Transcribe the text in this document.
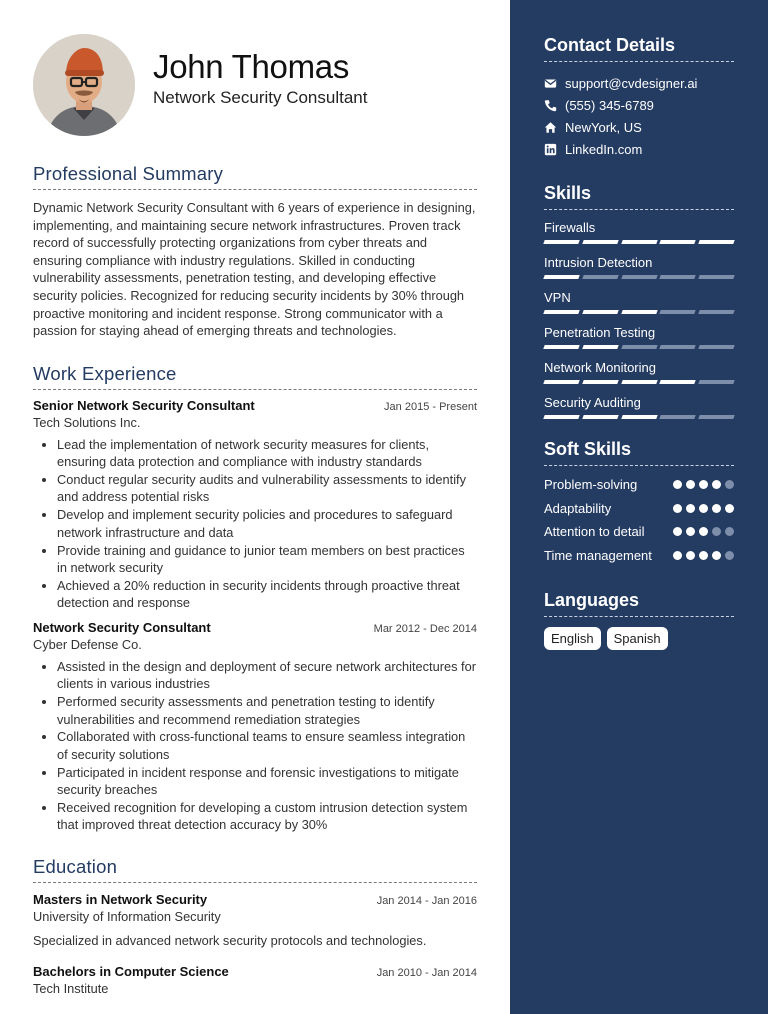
John Thomas
Network Security Consultant
Professional Summary

Dynamic Network Security Consultant with 6 years of experience in designing, implementing, and maintaining secure network infrastructures. Proven track record of successfully protecting organizations from cyber threats and ensuring compliance with industry regulations. Skilled in conducting vulnerability assessments, penetration testing, and developing effective security policies. Recognized for reducing security incidents by 30% through proactive monitoring and incident response. Strong communicator with a passion for staying ahead of emerging threats and technologies.

Work Experience
Senior Network Security Consultant	Jan 2015 - Present
Tech Solutions Inc.
• Lead the implementation of network security measures for clients, ensuring data protection and compliance with industry standards
• Conduct regular security audits and vulnerability assessments to identify and address potential risks
• Develop and implement security policies and procedures to safeguard network infrastructure and data
• Provide training and guidance to junior team members on best practices in network security
• Achieved a 20% reduction in security incidents through proactive threat detection and response
Network Security Consultant	Mar 2012 - Dec 2014
Cyber Defense Co.
• Assisted in the design and deployment of secure network architectures for clients in various industries
• Performed security assessments and penetration testing to identify vulnerabilities and recommend remediation strategies
• Collaborated with cross-functional teams to ensure seamless integration of security solutions
• Participated in incident response and forensic investigations to mitigate security breaches
• Received recognition for developing a custom intrusion detection system that improved threat detection accuracy by 30%
Education
Masters in Network Security	Jan 2014 - Jan 2016
University of Information Security
Specialized in advanced network security protocols and technologies.
Bachelors in Computer Science	Jan 2010 - Jan 2014
Tech Institute
Contact Details
support@cvdesigner.ai
(555) 345-6789
NewYork, US
LinkedIn.com
Skills
Firewalls
Intrusion Detection
VPN
Penetration Testing
Network Monitoring
Security Auditing
Soft Skills
Problem-solving
Adaptability
Attention to detail
Time management
Languages
English	Spanish
